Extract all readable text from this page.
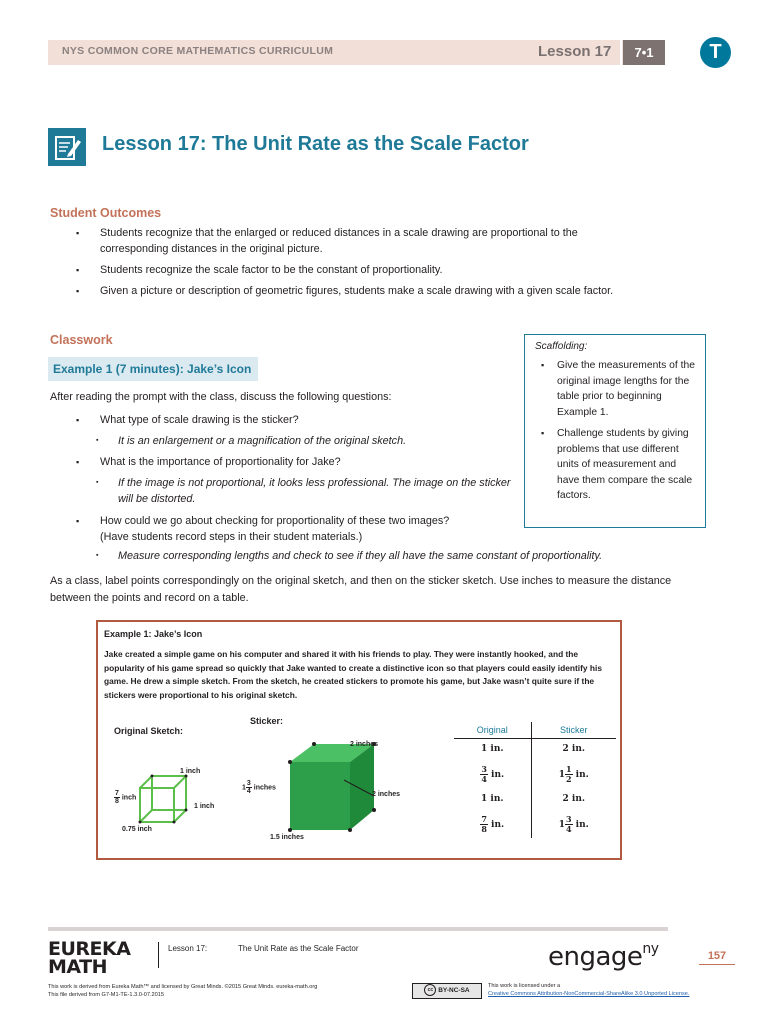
NYS COMMON CORE MATHEMATICS CURRICULUM	Lesson 17	7•1	T
Lesson 17: The Unit Rate as the Scale Factor
Student Outcomes
▪ Students recognize that the enlarged or reduced distances in a scale drawing are proportional to the corresponding distances in the original picture.
▪ Students recognize the scale factor to be the constant of proportionality.
▪ Given a picture or description of geometric figures, students make a scale drawing with a given scale factor.
Classwork
Example 1 (7 minutes): Jake’s Icon
After reading the prompt with the class, discuss the following questions:
▪ What type of scale drawing is the sticker?
▪ It is an enlargement or a magnification of the original sketch.
▪ What is the importance of proportionality for Jake?
▪ If the image is not proportional, it looks less professional. The image on the sticker will be distorted.
▪ How could we go about checking for proportionality of these two images?
(Have students record steps in their student materials.)
▪ Measure corresponding lengths and check to see if they all have the same constant of proportionality.
As a class, label points correspondingly on the original sketch, and then on the sticker sketch. Use inches to measure the distance between the points and record on a table.
Scaffolding:
▪ Give the measurements of the original image lengths for the table prior to beginning Example 1.
▪ Challenge students by giving problems that use different units of measurement and have them compare the scale factors.
Example 1: Jake’s Icon
Jake created a simple game on his computer and shared it with his friends to play. They were instantly hooked, and the popularity of his game spread so quickly that Jake wanted to create a distinctive icon so that players could easily identify his game. He drew a simple sketch. From the sketch, he created stickers to promote his game, but Jake wasn’t quite sure if the stickers were proportional to his original sketch.
Original Sketch:
Sticker:
1 inch
$\frac{7}{8}$ inch
1 inch
0.75 inch
2 inches
$1 \frac{3}{4}$ inches
2 inches
1.5 inches
Original	Sticker
1 in.	2 in.

$\frac{3}{4}$ in.	$1 \frac{1}{2}$ in.
1 in.	2 in.

$\frac{7}{8}$ in.	$1 \frac{3}{4}$ in.
EUREKA
MATH
Lesson 17:	The Unit Rate as the Scale Factor	engage$^{ny}$	157
This work is derived from Eureka Math™ and licensed by Great Minds. ©2015 Great Minds. eureka-math.org
This file derived from G7-M1-TE-1.3.0-07.2015
cc BY-NC-SA
This work is licensed under a
Creative Commons Attribution-NonCommercial-ShareAlike 3.0 Unported License.
